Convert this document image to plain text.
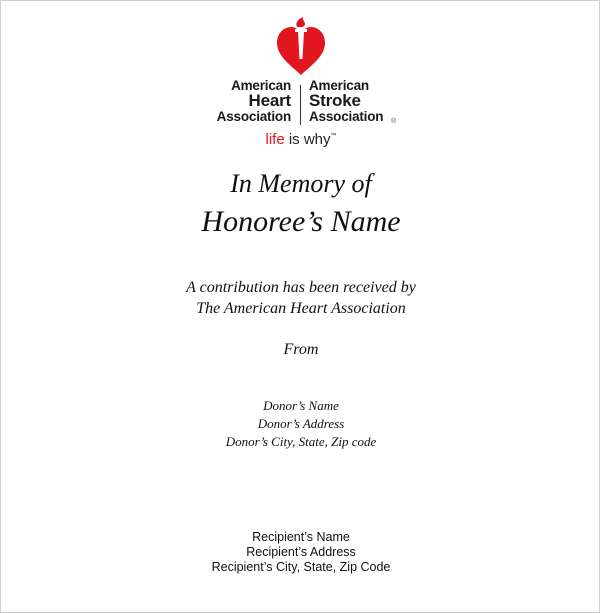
American
Heart
Association
American
Stroke
Association ®
life is why™
In Memory of
Honoree’s Name
A contribution has been received by
The American Heart Association
From
Donor’s Name
Donor’s Address
Donor’s City, State, Zip code
Recipient’s Name
Recipient’s Address
Recipient’s City, State, Zip Code
